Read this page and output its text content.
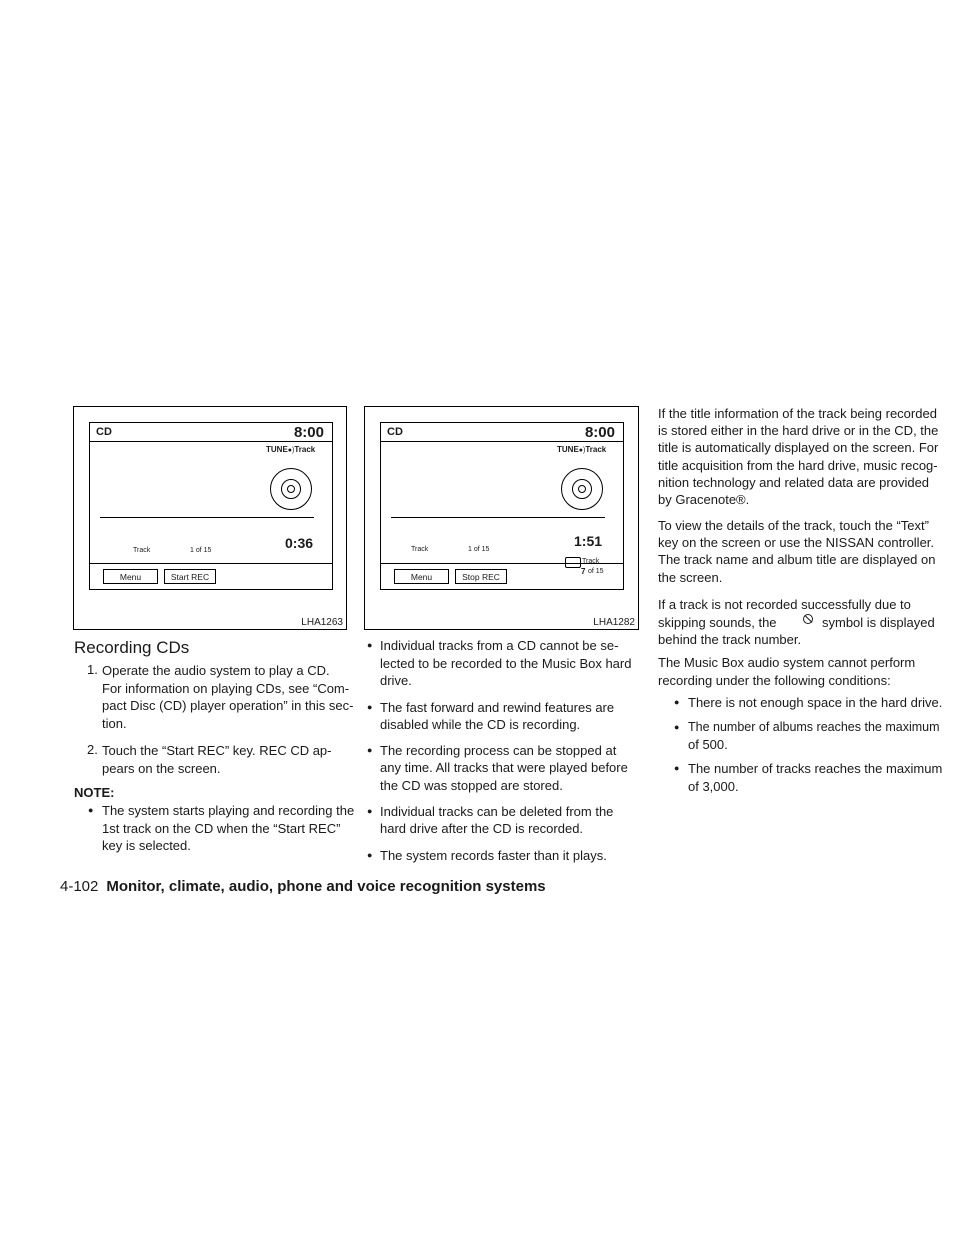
CD	8:00
TUNE●)Track
0:36
Track	1 of 15
Menu	Start REC
LHA1263
CD	8:00
TUNE●)Track
1:51
Track	1 of 15
Menu	Stop REC
Track
7 of 15
LHA1282
Recording CDs
1. Operate the audio system to play a CD.

For information on playing CDs, see “Com-

pact Disc (CD) player operation” in this sec-

tion.

2. Touch the “Start REC” key. REC CD ap-

pears on the screen.

NOTE:

● The system starts playing and recording the

1st track on the CD when the “Start REC”

key is selected.

● Individual tracks from a CD cannot be se-

lected to be recorded to the Music Box hard

drive.

● The fast forward and rewind features are

disabled while the CD is recording.

● The recording process can be stopped at

any time. All tracks that were played before

the CD was stopped are stored.

● Individual tracks can be deleted from the

hard drive after the CD is recorded.

● The system records faster than it plays.

If the title information of the track being recorded

is stored either in the hard drive or in the CD, the

title is automatically displayed on the screen. For

title acquisition from the hard drive, music recog-

nition technology and related data are provided

by Gracenote®.

To view the details of the track, touch the “Text”

key on the screen or use the NISSAN controller.

The track name and album title are displayed on

the screen.

If a track is not recorded successfully due to

skipping sounds, the	symbol is displayed

behind the track number.

The Music Box audio system cannot perform

recording under the following conditions:

● There is not enough space in the hard drive.

● The number of albums reaches the maximum

of 500.

● The number of tracks reaches the maximum

of 3,000.

4-102 Monitor, climate, audio, phone and voice recognition systems
